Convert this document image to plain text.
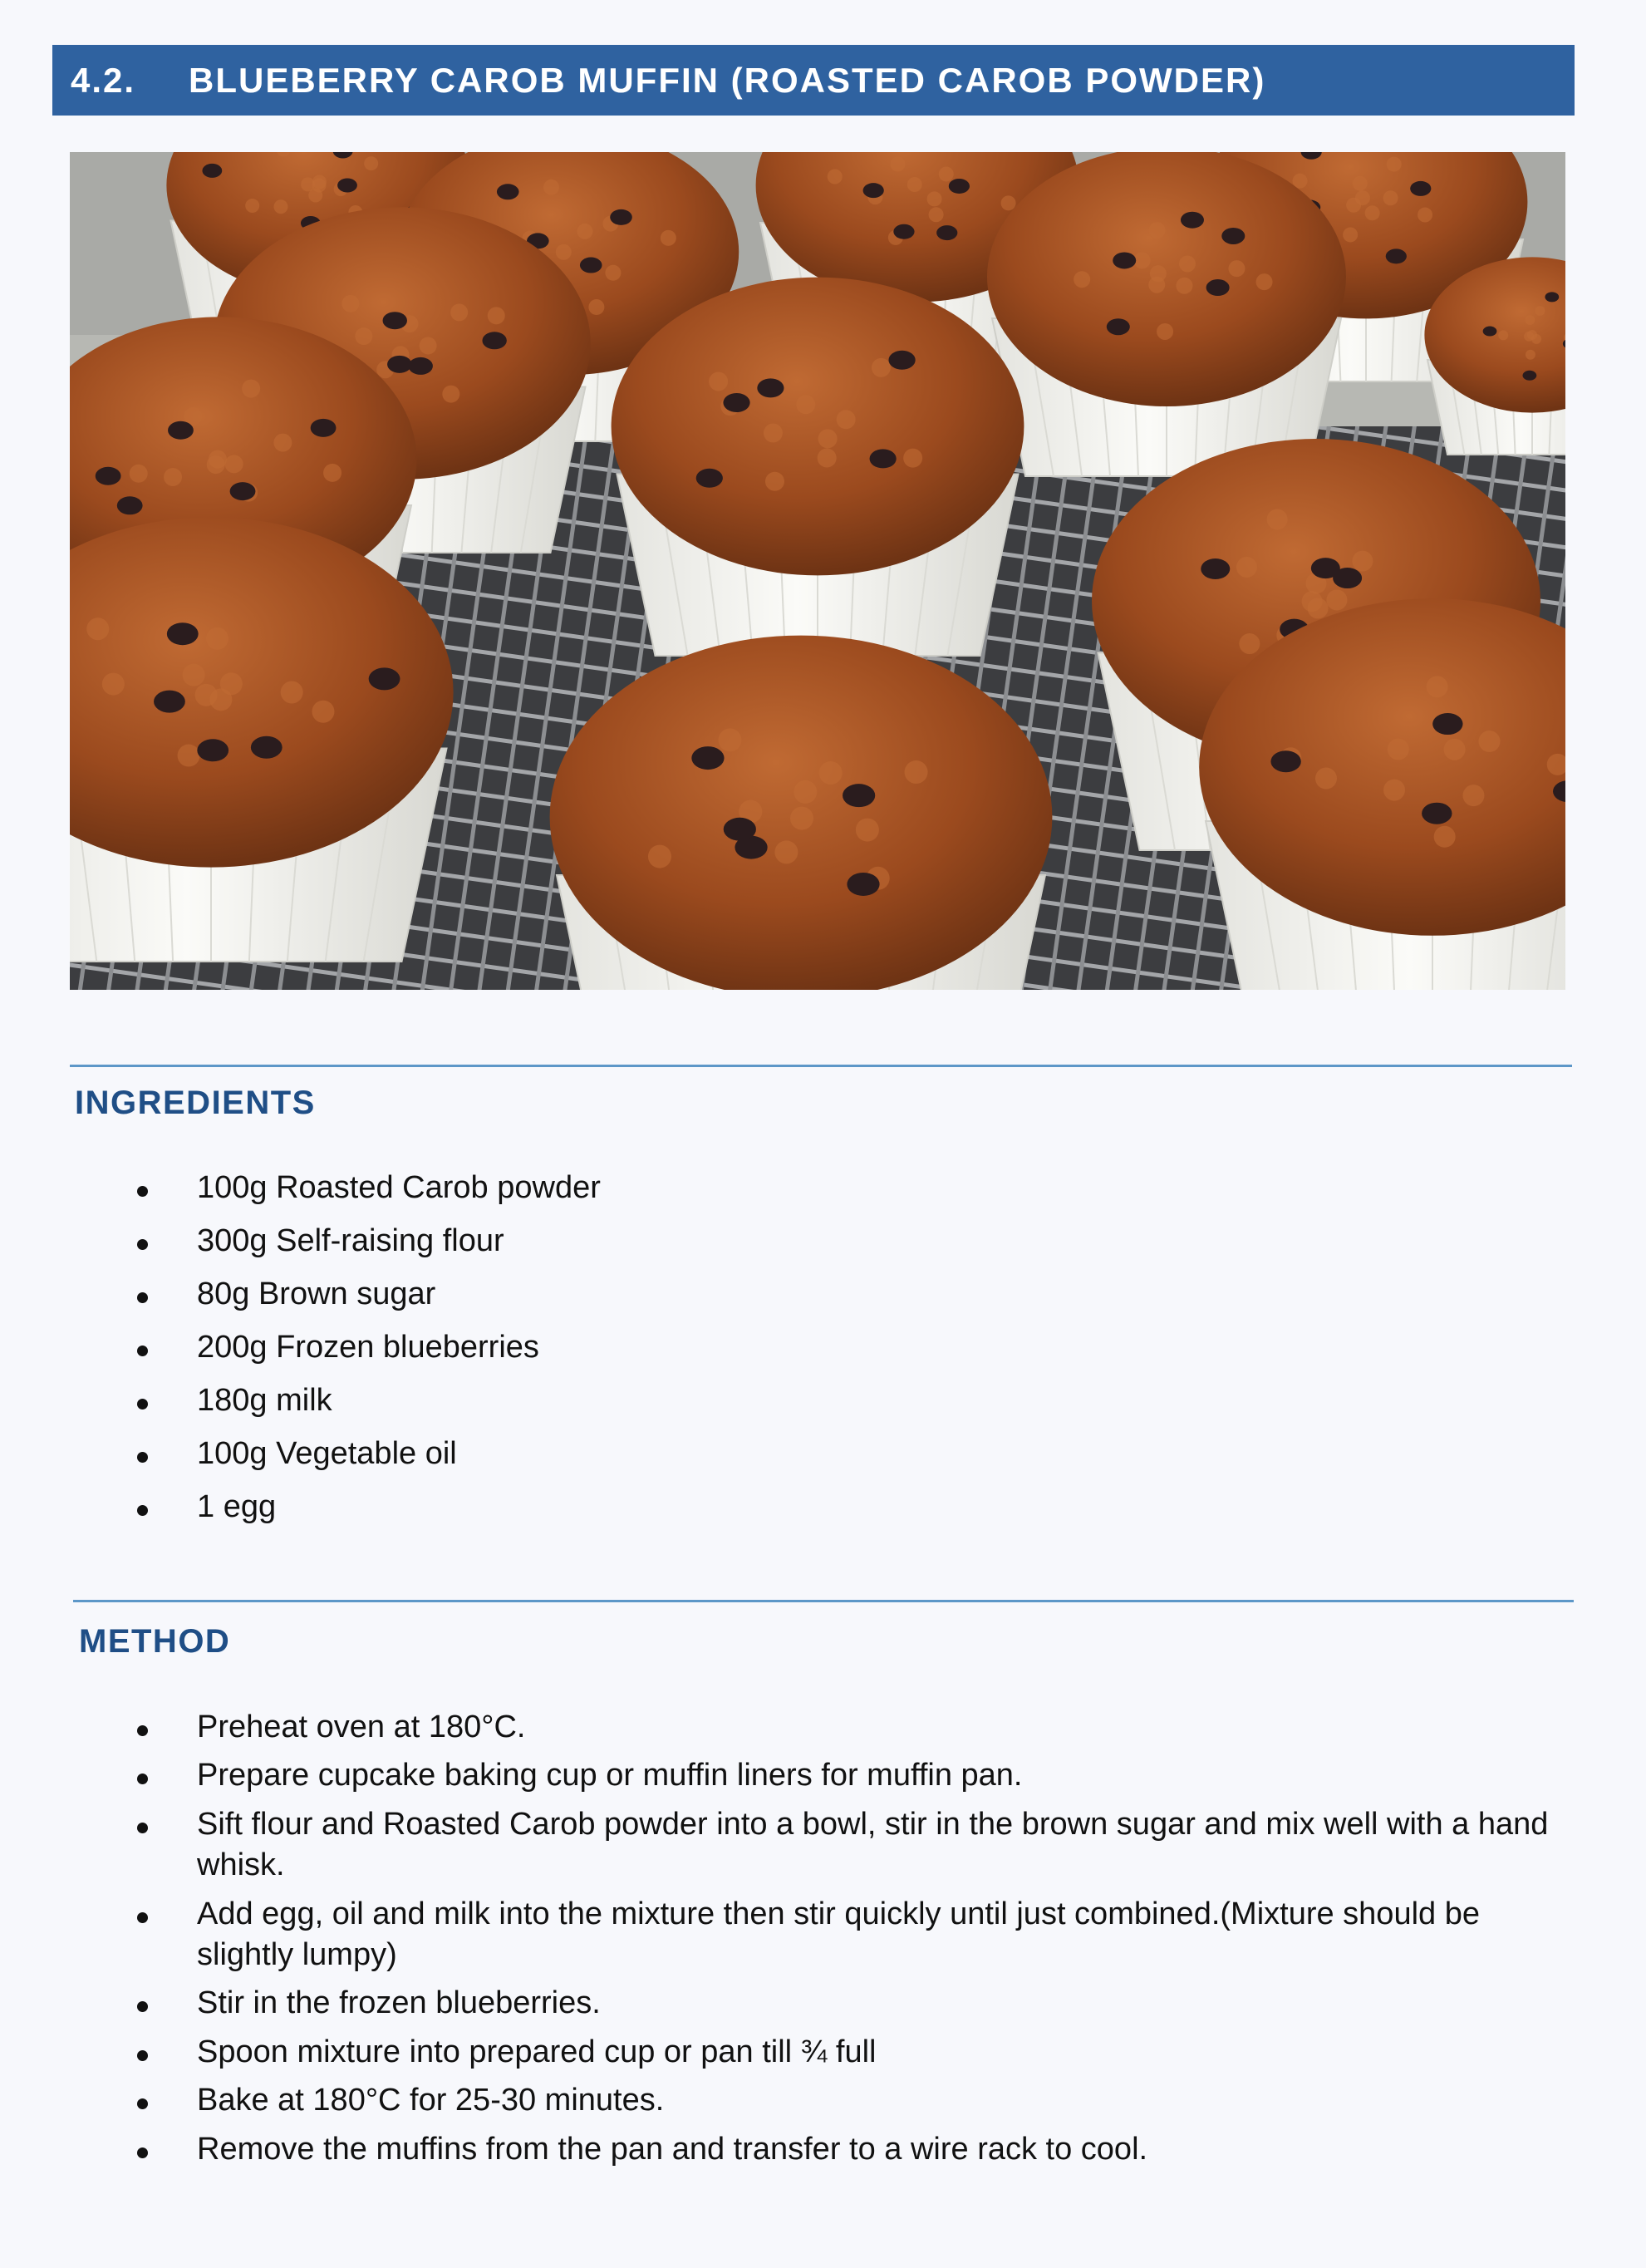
4.2.	BLUEBERRY CAROB MUFFIN (ROASTED CAROB POWDER)
INGREDIENTS
100g Roasted Carob powder
300g Self-raising flour
80g Brown sugar
200g Frozen blueberries
180g milk
100g Vegetable oil
1 egg
METHOD
Preheat oven at 180°C.
Prepare cupcake baking cup or muffin liners for muffin pan.
Sift flour and Roasted Carob powder into a bowl, stir in the brown sugar and mix well with a hand whisk.
Add egg, oil and milk into the mixture then stir quickly until just combined.(Mixture should be slightly lumpy)
Stir in the frozen blueberries.
Spoon mixture into prepared cup or pan till ¾ full
Bake at 180°C for 25-30 minutes.
Remove the muffins from the pan and transfer to a wire rack to cool.
